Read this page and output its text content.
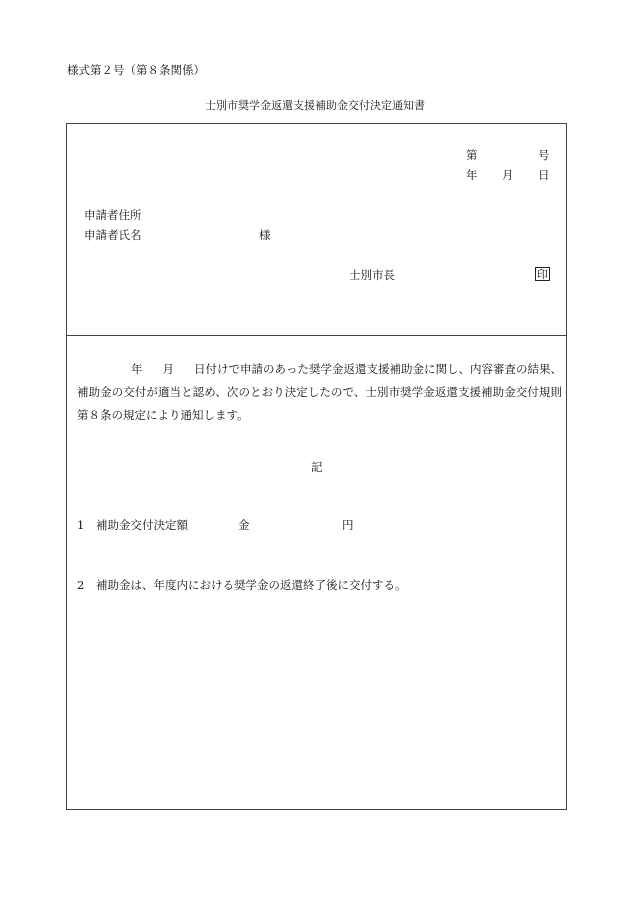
様式第２号（第８条関係）
士別市奨学金返還支援補助金交付決定通知書
第	号
年 月 日
申請者住所
申請者氏名	様
士別市長	印
年 月 日付けで申請のあった奨学金返還支援補助金に関し、内容審査の結果、補助金の交付が適当と認め、次のとおり決定したので、士別市奨学金返還支援補助金交付規則第８条の規定により通知します。
記
1 補助金交付決定額	金	円
2 補助金は、年度内における奨学金の返還終了後に交付する。
